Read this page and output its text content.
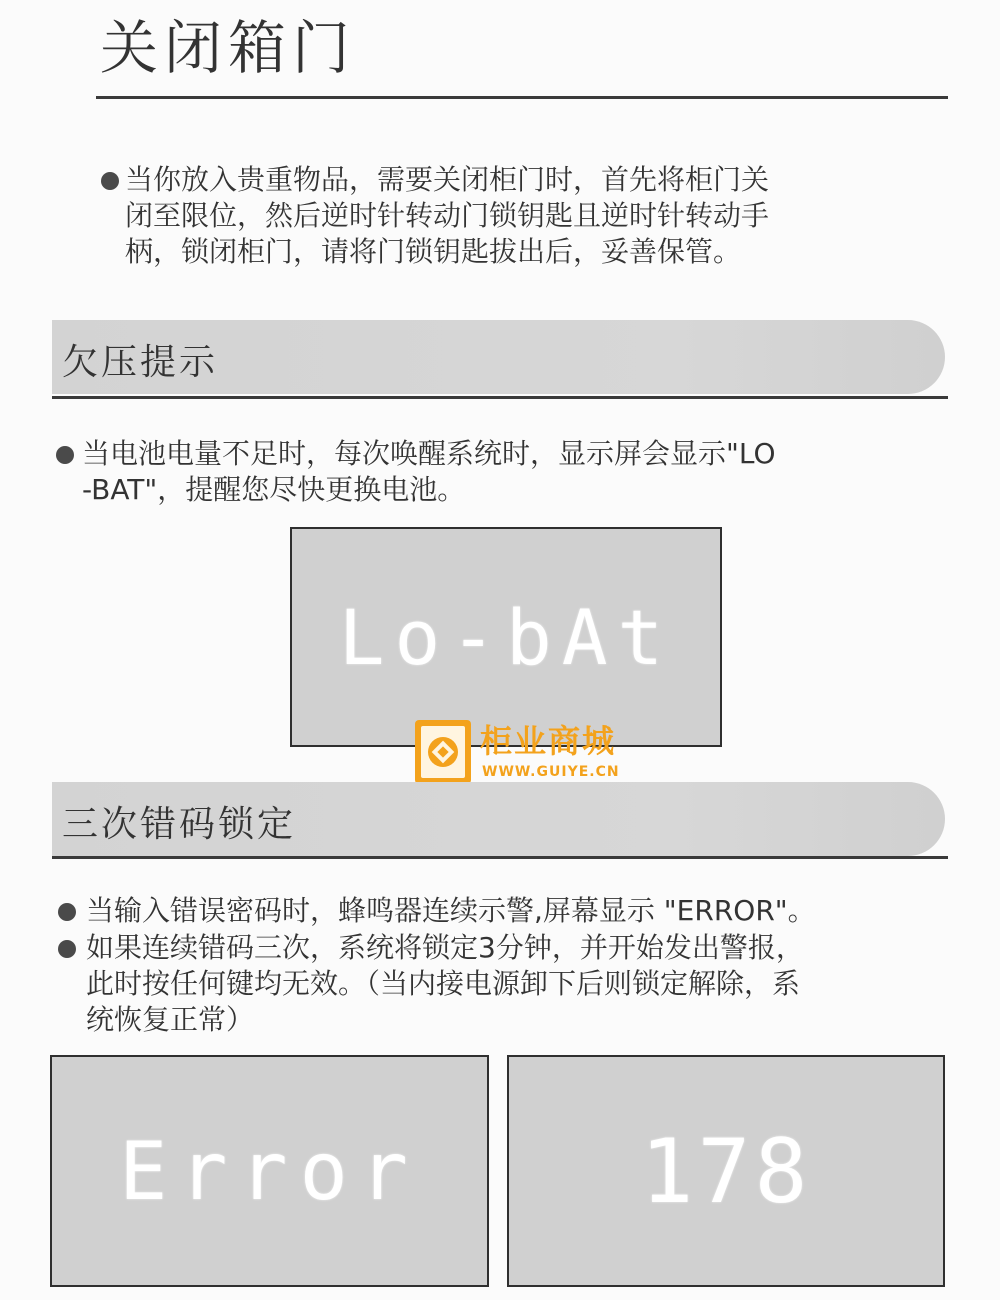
关闭箱门
当你放入贵重物品，需要关闭柜门时，首先将柜门关
闭至限位，然后逆时针转动门锁钥匙且逆时针转动手
柄，锁闭柜门，请将门锁钥匙拔出后，妥善保管。
欠压提示
当电池电量不足时，每次唤醒系统时，显示屏会显示"LO
-BAT"，提醒您尽快更换电池。
Lo-bAt
柜业商城
WWW.GUIYE.CN
三次错码锁定
当输入错误密码时，蜂鸣器连续示警,屏幕显示 "ERROR"。
如果连续错码三次，系统将锁定3分钟，并开始发出警报，
此时按任何键均无效。（当内接电源卸下后则锁定解除，系
统恢复正常）
Error	178
